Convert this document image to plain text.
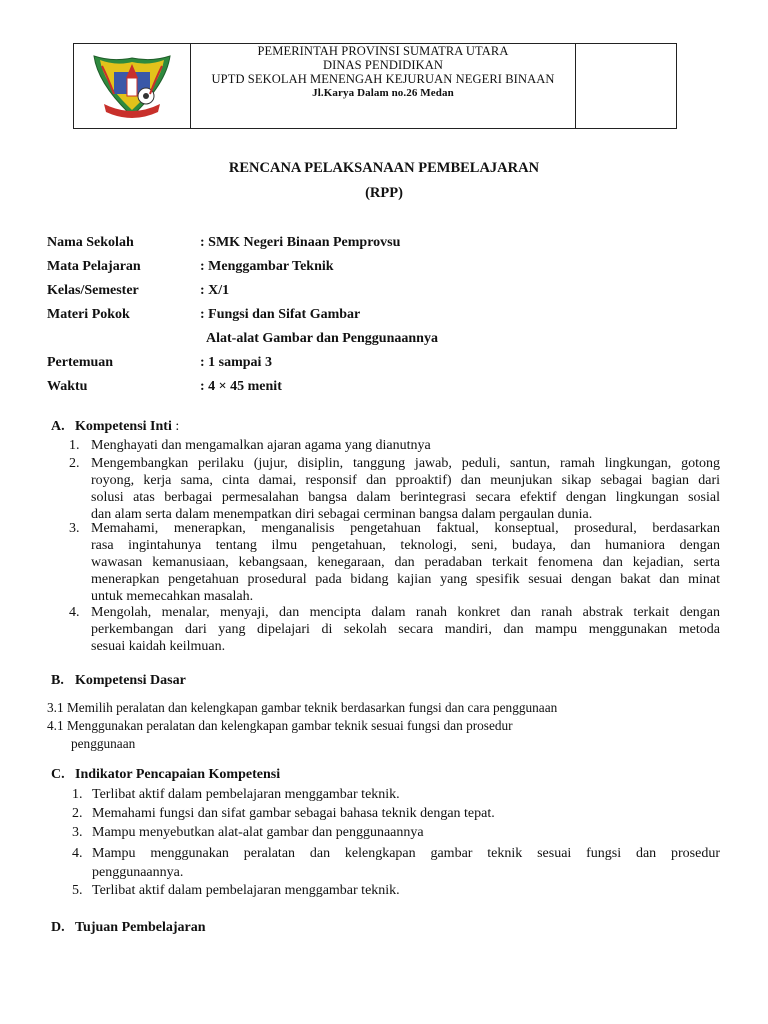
PEMERINTAH PROVINSI SUMATRA UTARA
DINAS PENDIDIKAN
UPTD SEKOLAH MENENGAH KEJURUAN NEGERI BINAAN
Jl.Karya Dalam no.26 Medan
RENCANA PELAKSANAAN PEMBELAJARAN
(RPP)
Nama Sekolah	: SMK Negeri Binaan Pemprovsu
Mata Pelajaran	: Menggambar Teknik
Kelas/Semester	: X/1
Materi Pokok	: Fungsi dan Sifat Gambar
Alat-alat Gambar dan Penggunaannya
Pertemuan	: 1 sampai 3
Waktu	: 4 × 45 menit
A. Kompetensi Inti :
1. Menghayati dan mengamalkan ajaran agama yang dianutnya
2. Mengembangkan perilaku (jujur, disiplin, tanggung jawab, peduli, santun, ramah lingkungan, gotong
royong, kerja sama, cinta damai, responsif dan pproaktif) dan meunjukan sikap sebagai bagian dari
solusi atas berbagai permesalahan bangsa dalam berintegrasi secara efektif dengan lingkungan sosial
dan alam serta dalam menempatkan diri sebagai cerminan bangsa dalam pergaulan dunia.
3. Memahami, menerapkan, menganalisis pengetahuan faktual, konseptual, prosedural, berdasarkan
rasa ingintahunya tentang ilmu pengetahuan, teknologi, seni, budaya, dan humaniora dengan
wawasan kemanusiaan, kebangsaan, kenegaraan, dan peradaban terkait fenomena dan kejadian, serta
menerapkan pengetahuan prosedural pada bidang kajian yang spesifik sesuai dengan bakat dan minat
untuk memecahkan masalah.
4. Mengolah, menalar, menyaji, dan mencipta dalam ranah konkret dan ranah abstrak terkait dengan
perkembangan dari yang dipelajari di sekolah secara mandiri, dan mampu menggunakan metoda
sesuai kaidah keilmuan.
B. Kompetensi Dasar
3.1 Memilih peralatan dan kelengkapan gambar teknik berdasarkan fungsi dan cara penggunaan
4.1 Menggunakan peralatan dan kelengkapan gambar teknik sesuai fungsi dan prosedur
penggunaan
C. Indikator Pencapaian Kompetensi
1. Terlibat aktif dalam pembelajaran menggambar teknik.
2. Memahami fungsi dan sifat gambar sebagai bahasa teknik dengan tepat.
3. Mampu menyebutkan alat-alat gambar dan penggunaannya
4. Mampu menggunakan peralatan dan kelengkapan gambar teknik sesuai fungsi dan prosedur
penggunaannya.
5. Terlibat aktif dalam pembelajaran menggambar teknik.
D. Tujuan Pembelajaran
